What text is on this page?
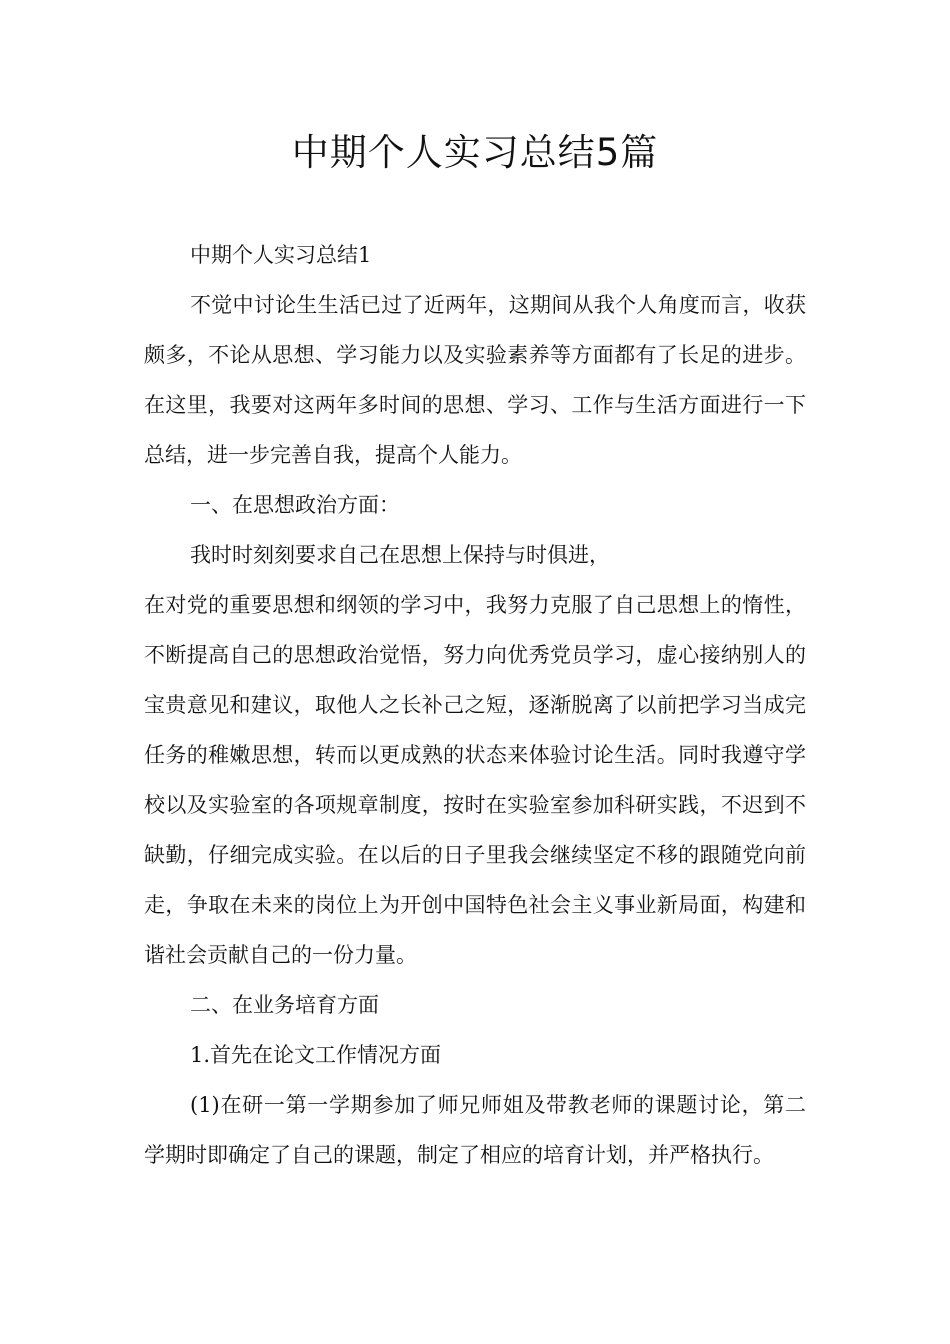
中期个人实习总结5篇

中期个人实习总结1

不觉中讨论生生活已过了近两年，这期间从我个人角度而言，收获颇多，不论从思想、学习能力以及实验素养等方面都有了长足的进步。在这里，我要对这两年多时间的思想、学习、工作与生活方面进行一下总结，进一步完善自我，提高个人能力。

一、在思想政治方面：

我时时刻刻要求自己在思想上保持与时俱进，

在对党的重要思想和纲领的学习中，我努力克服了自己思想上的惰性，不断提高自己的思想政治觉悟，努力向优秀党员学习，虚心接纳别人的宝贵意见和建议，取他人之长补己之短，逐渐脱离了以前把学习当成完任务的稚嫩思想，转而以更成熟的状态来体验讨论生活。同时我遵守学校以及实验室的各项规章制度，按时在实验室参加科研实践，不迟到不缺勤，仔细完成实验。在以后的日子里我会继续坚定不移的跟随党向前走，争取在未来的岗位上为开创中国特色社会主义事业新局面，构建和谐社会贡献自己的一份力量。

二、在业务培育方面

1.首先在论文工作情况方面

(1)在研一第一学期参加了师兄师姐及带教老师的课题讨论，第二学期时即确定了自己的课题，制定了相应的培育计划，并严格执行。
